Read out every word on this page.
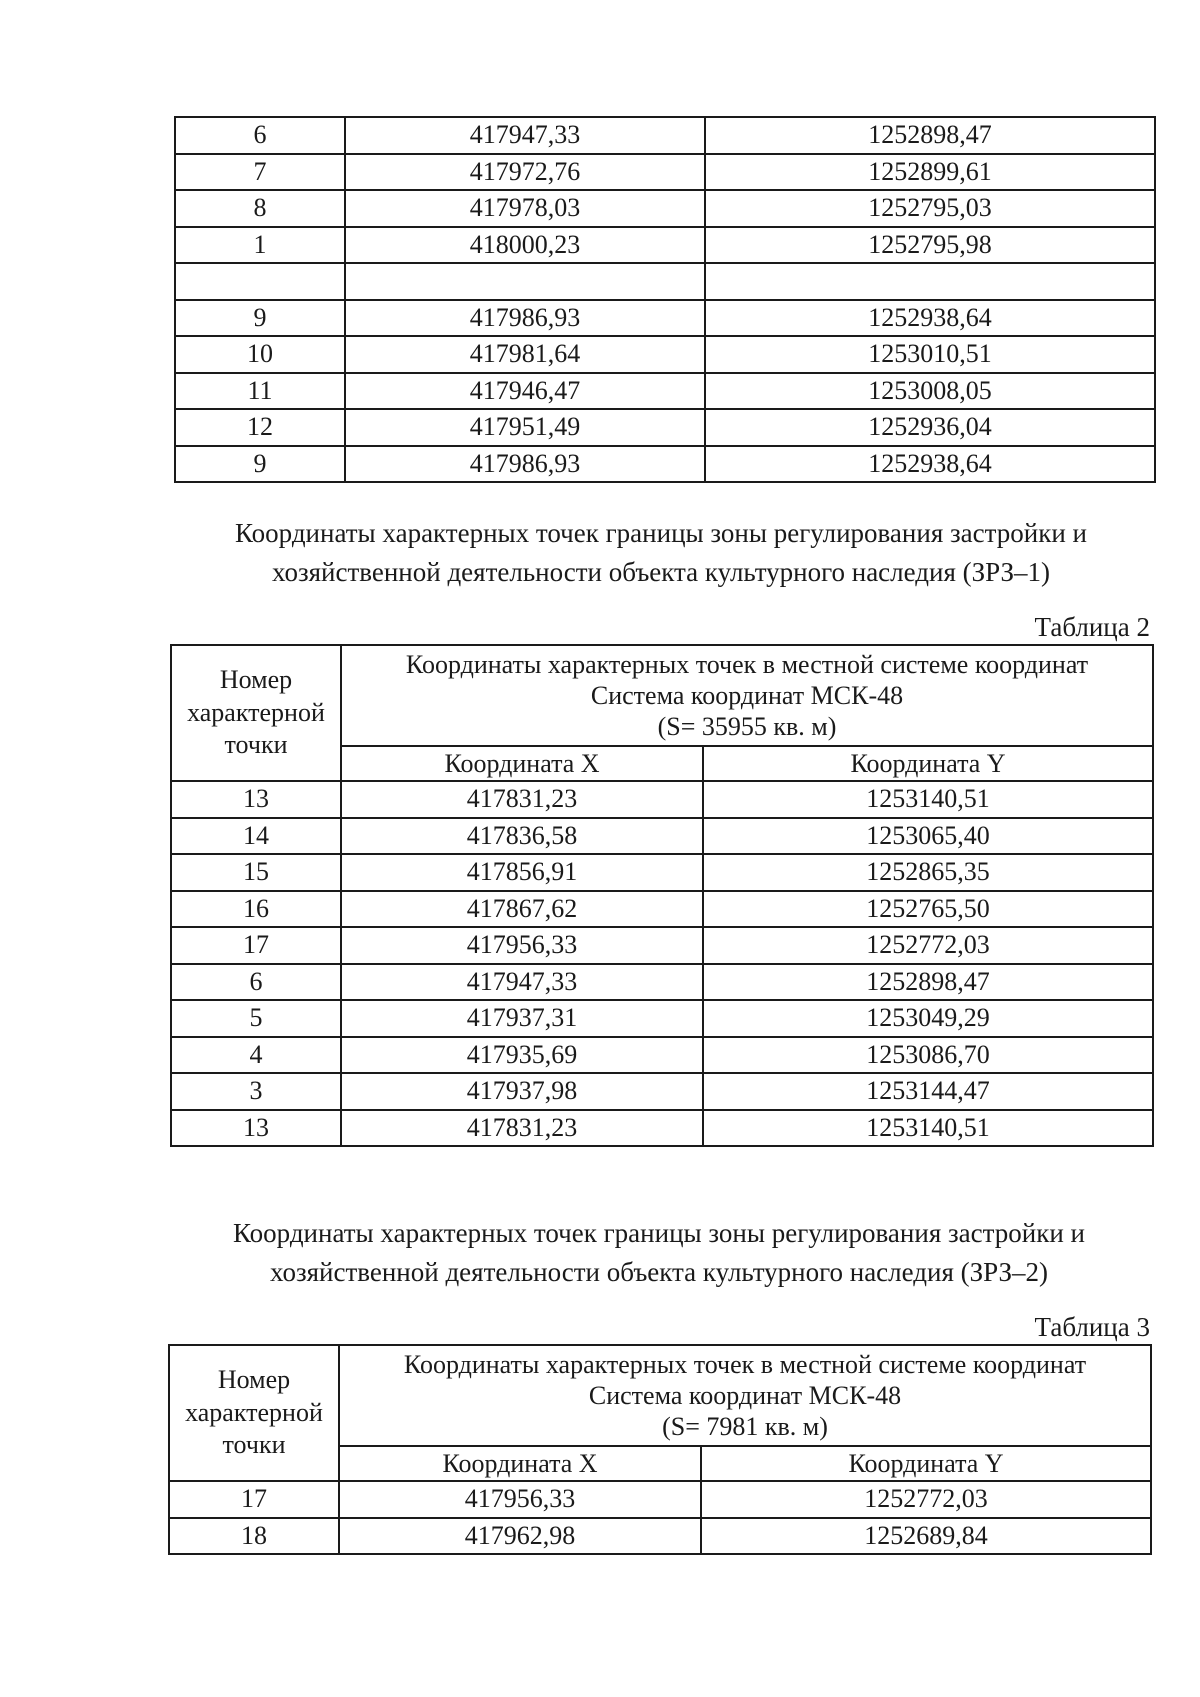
6	417947,33	1252898,47
7	417972,76	1252899,61
8	417978,03	1252795,03
1	418000,23	1252795,98

9	417986,93	1252938,64
10	417981,64	1253010,51
11	417946,47	1253008,05
12	417951,49	1252936,04
9	417986,93	1252938,64
Координаты характерных точек границы зоны регулирования застройки и
хозяйственной деятельности объекта культурного наследия (ЗРЗ–1)
Таблица 2
Номер характерной точки	Координаты характерных точек в местной системе координат
Система координат МСК-48
(S= 35955 кв. м)	

	Координата X	Координата Y
13	417831,23	1253140,51
14	417836,58	1253065,40
15	417856,91	1252865,35
16	417867,62	1252765,50
17	417956,33	1252772,03
6	417947,33	1252898,47
5	417937,31	1253049,29
4	417935,69	1253086,70
3	417937,98	1253144,47
13	417831,23	1253140,51
Координаты характерных точек границы зоны регулирования застройки и
хозяйственной деятельности объекта культурного наследия (ЗРЗ–2)
Таблица 3
Номер характерной точки	Координаты характерных точек в местной системе координат
Система координат МСК-48
(S= 7981 кв. м)	

	Координата X	Координата Y
17	417956,33	1252772,03
18	417962,98	1252689,84
